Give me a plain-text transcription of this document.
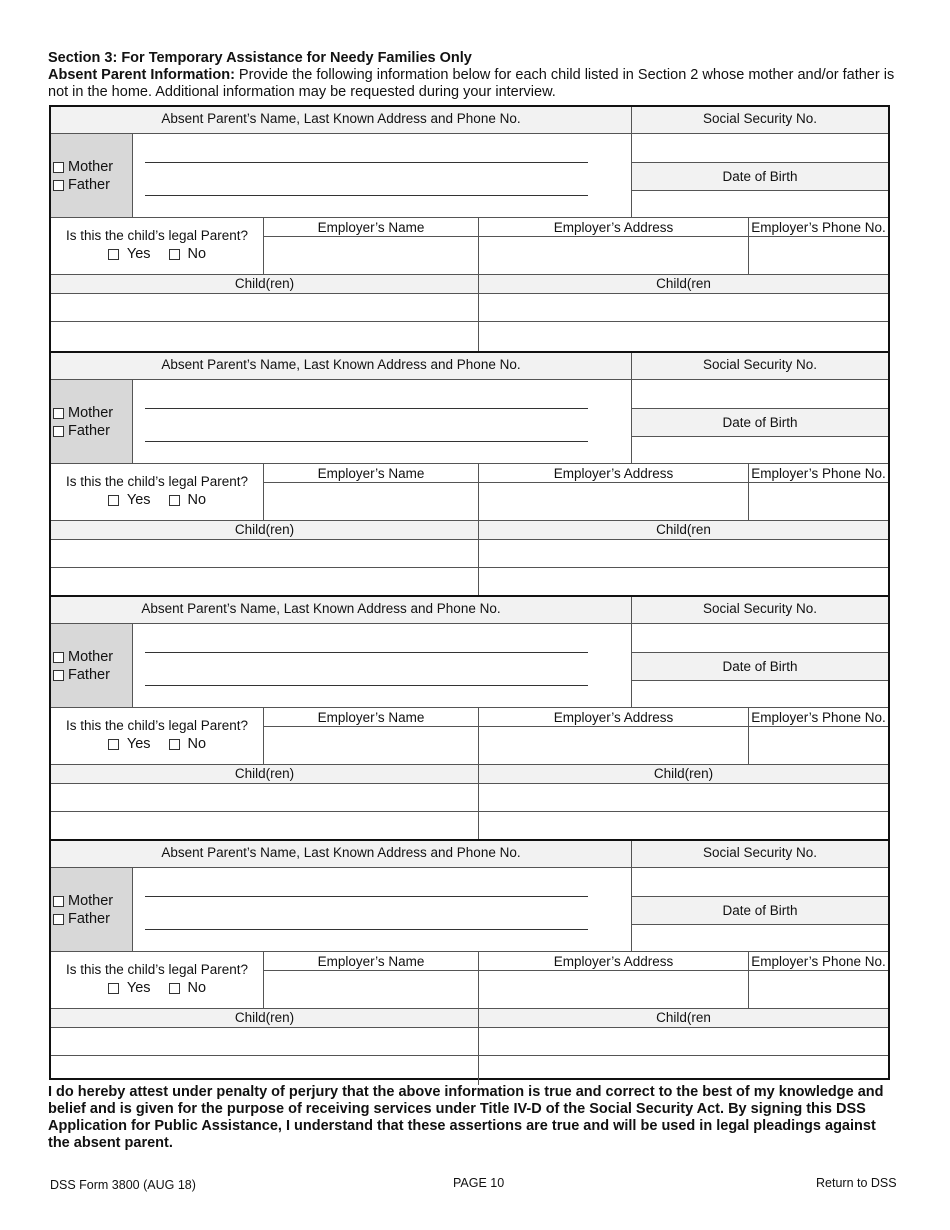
Section 3: For Temporary Assistance for Needy Families Only
Absent Parent Information: Provide the following information below for each child listed in Section 2 whose mother and/or father is not in the home. Additional information may be requested during your interview.
Absent Parent’s Name, Last Known Address and Phone No.	Social Security No.
Mother
Father
Date of Birth
Is this the child’s legal Parent?
Yes	No
Employer’s Name	Employer’s Address	Employer’s Phone No.
Child(ren)	Child(ren
Absent Parent’s Name, Last Known Address and Phone No.	Social Security No.
Mother
Father
Date of Birth
Is this the child’s legal Parent?
Yes	No
Employer’s Name	Employer’s Address	Employer’s Phone No.
Child(ren)	Child(ren
Absent Parent’s Name, Last Known Address and Phone No.	Social Security No.
Mother
Father
Date of Birth
Is this the child’s legal Parent?
Yes	No
Employer’s Name	Employer’s Address	Employer’s Phone No.
Child(ren)	Child(ren)
Absent Parent’s Name, Last Known Address and Phone No.	Social Security No.
Mother
Father
Date of Birth
Is this the child’s legal Parent?
Yes	No
Employer’s Name	Employer’s Address	Employer’s Phone No.
Child(ren)	Child(ren
I do hereby attest under penalty of perjury that the above information is true and correct to the best of my knowledge and belief and is given for the purpose of receiving services under Title IV-D of the Social Security Act. By signing this DSS Application for Public Assistance, I understand that these assertions are true and will be used in legal pleadings against the absent parent.
DSS Form 3800 (AUG 18)	PAGE 10	Return to DSS
